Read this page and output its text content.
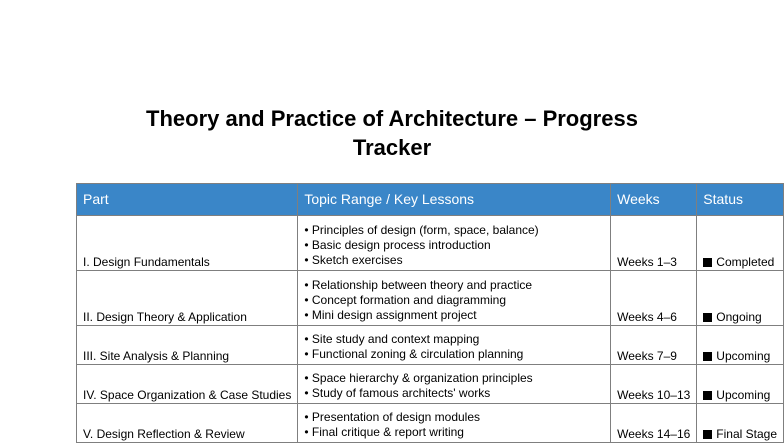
Theory and Practice of Architecture – Progress
Tracker
Part	Topic Range / Key Lessons	Weeks	Status
I. Design Fundamentals	• Principles of design (form, space, balance)
• Basic design process introduction
• Sketch exercises	Weeks 1–3	Completed
II. Design Theory & Application	• Relationship between theory and practice
• Concept formation and diagramming
• Mini design assignment project	Weeks 4–6	Ongoing
III. Site Analysis & Planning	• Site study and context mapping
• Functional zoning & circulation planning	Weeks 7–9	Upcoming
IV. Space Organization & Case Studies	• Space hierarchy & organization principles
• Study of famous architects' works	Weeks 10–13	Upcoming
V. Design Reflection & Review	• Presentation of design modules
• Final critique & report writing	Weeks 14–16	Final Stage
